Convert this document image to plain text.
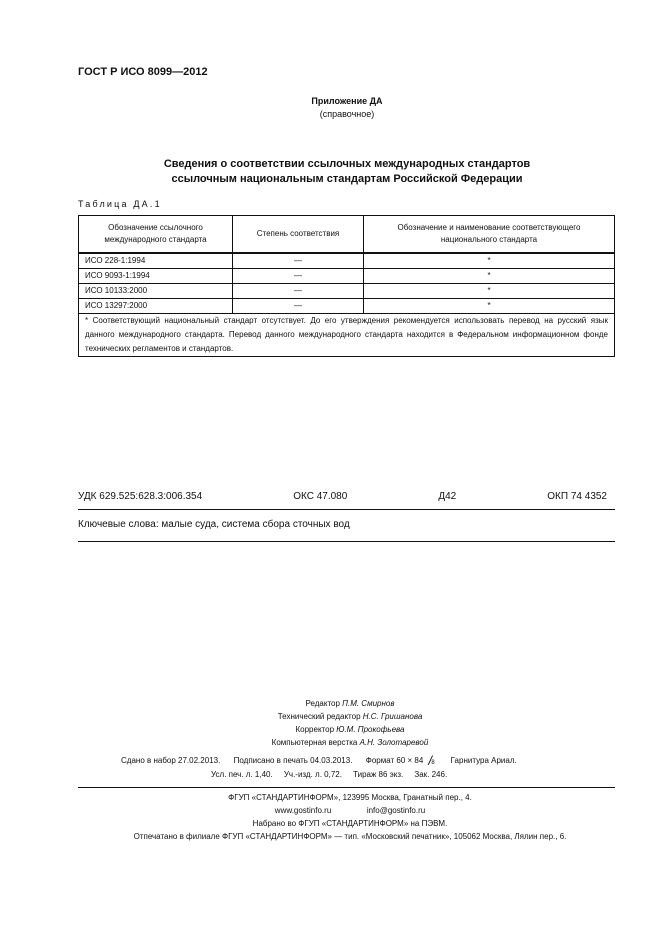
ГОСТ Р ИСО 8099—2012
Приложение ДА
(справочное)
Сведения о соответствии ссылочных международных стандартов
ссылочным национальным стандартам Российской Федерации
Таблица ДА.1
Обозначение ссылочного международного стандарта	Степень соответствия	Обозначение и наименование соответствующего национального стандарта
ИСО 228-1:1994	—	*
ИСО 9093-1:1994	—	*
ИСО 10133:2000	—	*
ИСО 13297:2000	—	*
* Соответствующий национальный стандарт отсутствует. До его утверждения рекомендуется использовать перевод на русский язык данного международного стандарта. Перевод данного международного стандарта находится в Федеральном информационном фонде технических регламентов и стандартов.		
УДК 629.525:628.3:006.354	ОКС 47.080	Д42	ОКП 74 4352
Ключевые слова: малые суда, система сбора сточных вод
Редактор П.М. Смирнов
Технический редактор Н.С. Гришанова
Корректор Ю.М. Прокофьева
Компьютерная верстка А.Н. Золотаревой
Сдано в набор 27.02.2013. Подписано в печать 04.03.2013. Формат 60 × 84 / 8 Гарнитура Ариал.
Усл. печ. л. 1,40. Уч.-изд. л. 0,72. Тираж 86 экз. Зак. 246.
ФГУП «СТАНДАРТИНФОРМ», 123995 Москва, Гранатный пер., 4.
www.gostinfo.ru	info@gostinfo.ru
Набрано во ФГУП «СТАНДАРТИНФОРМ» на ПЭВМ.
Отпечатано в филиале ФГУП «СТАНДАРТИНФОРМ» — тип. «Московский печатник», 105062 Москва, Лялин пер., 6.
